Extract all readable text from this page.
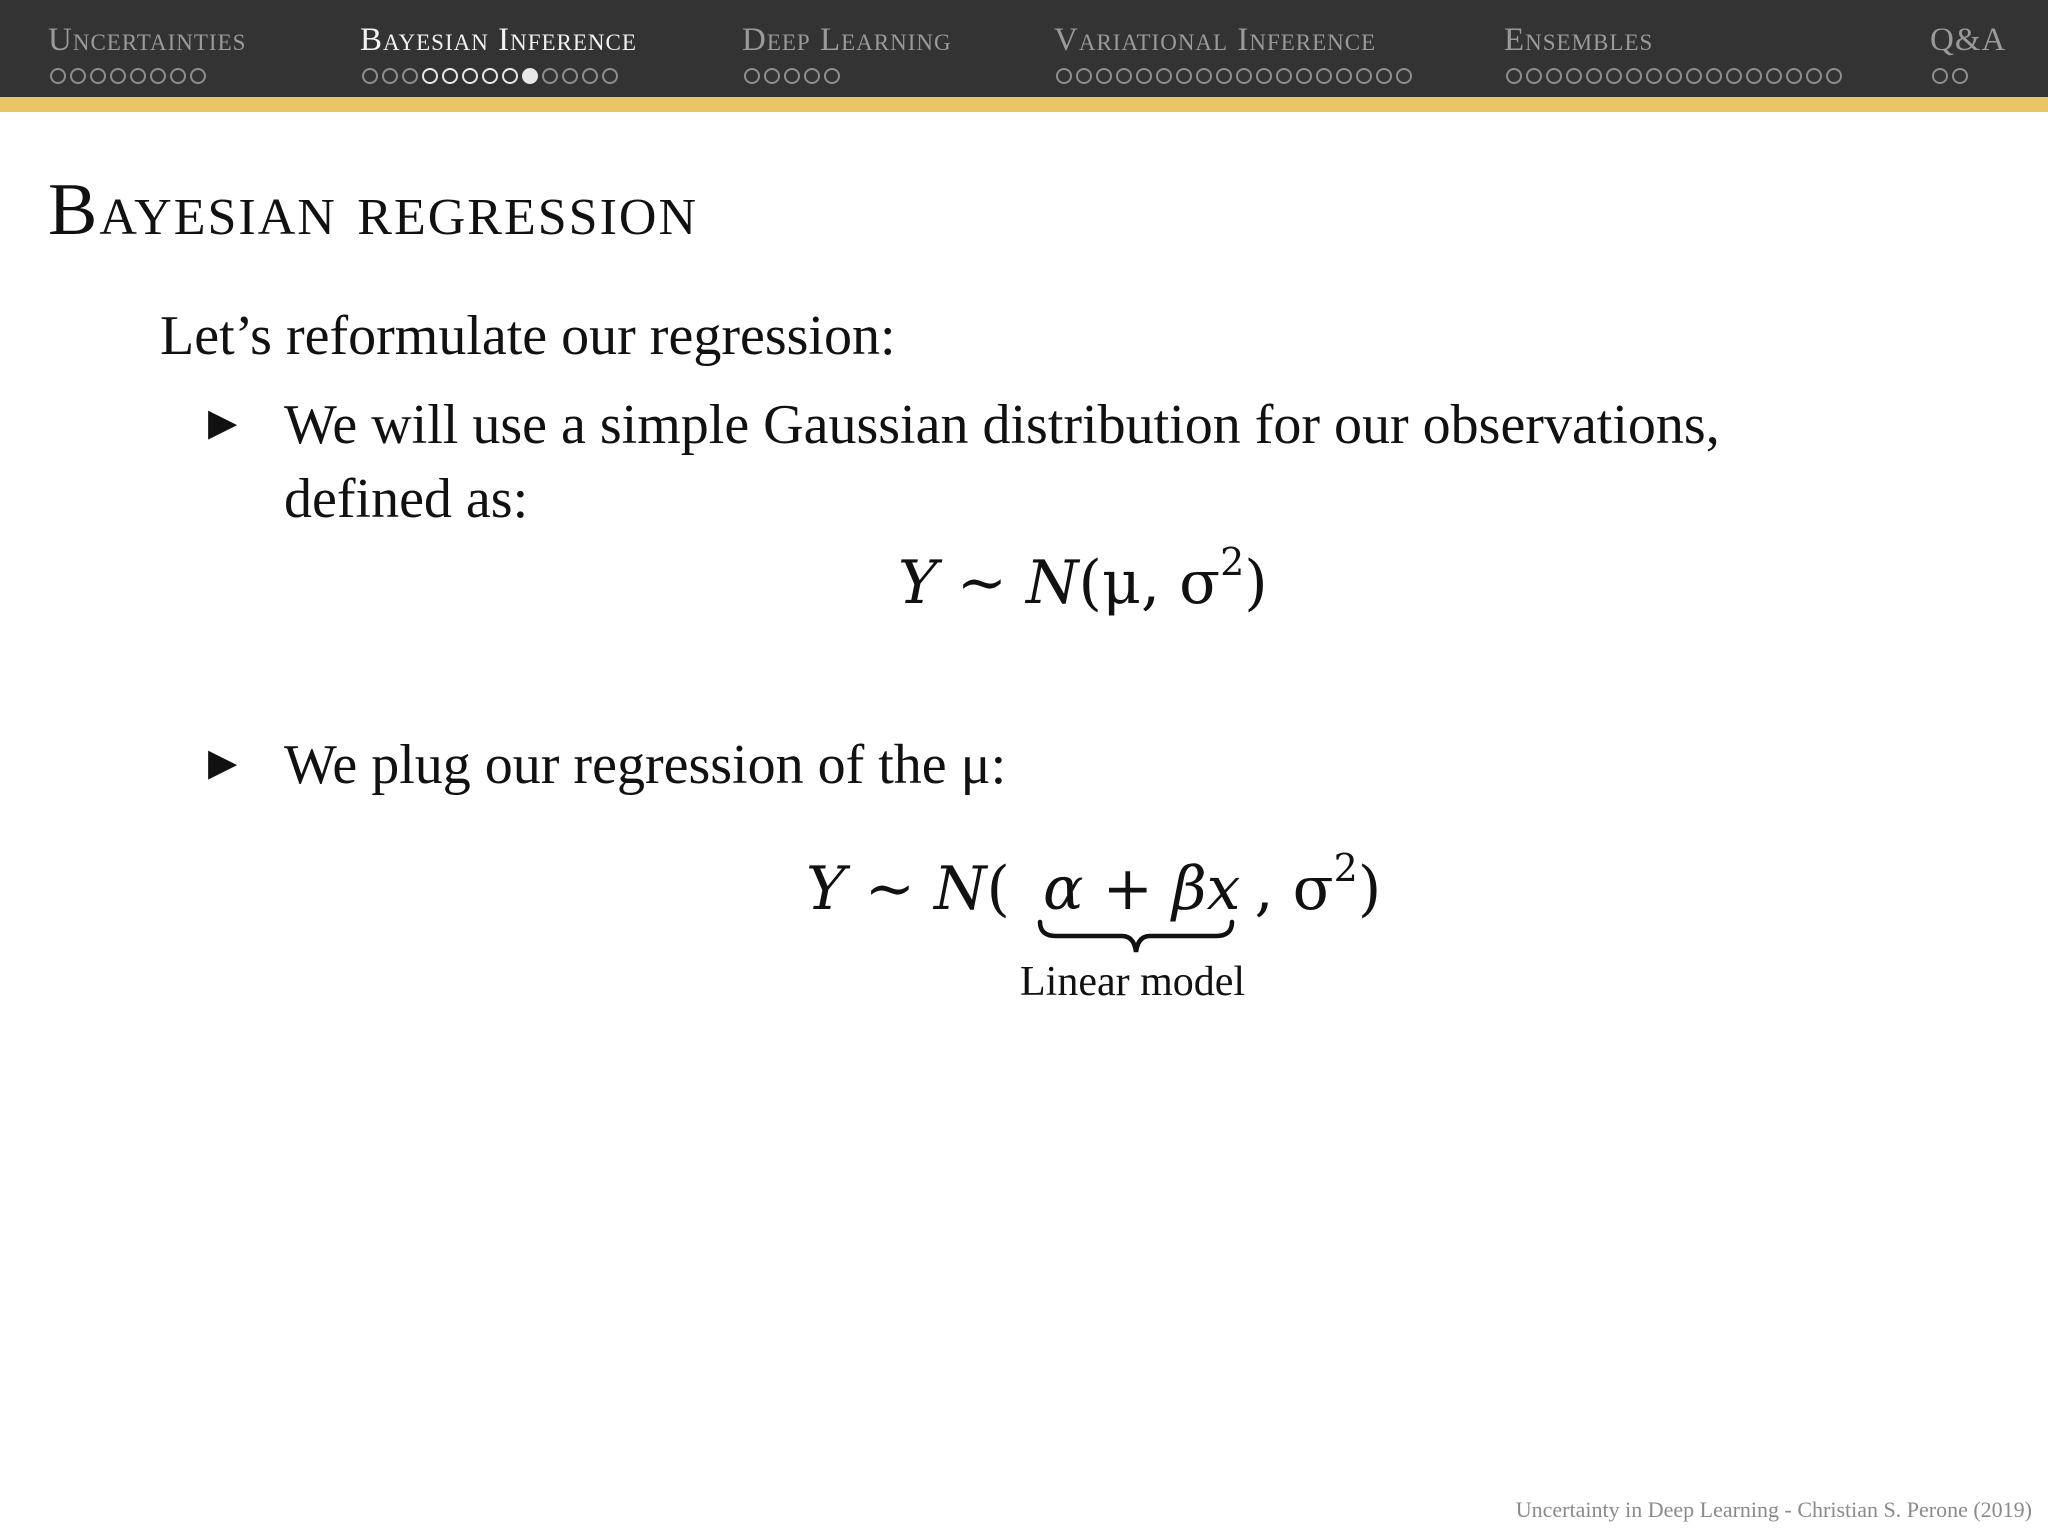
Uncertainties	Bayesian Inference	Deep Learning	Variational Inference	Ensembles	Q&A
Bayesian regression
Let’s reformulate our regression:
▶ We will use a simple Gaussian distribution for our observations,
defined as:
Y ∼ N(μ, $\sigma^2$)
▶ We plug our regression of the μ:
Y ∼ N( α + βx , $\sigma^2$)
Linear model
Uncertainty in Deep Learning - Christian S. Perone (2019)
